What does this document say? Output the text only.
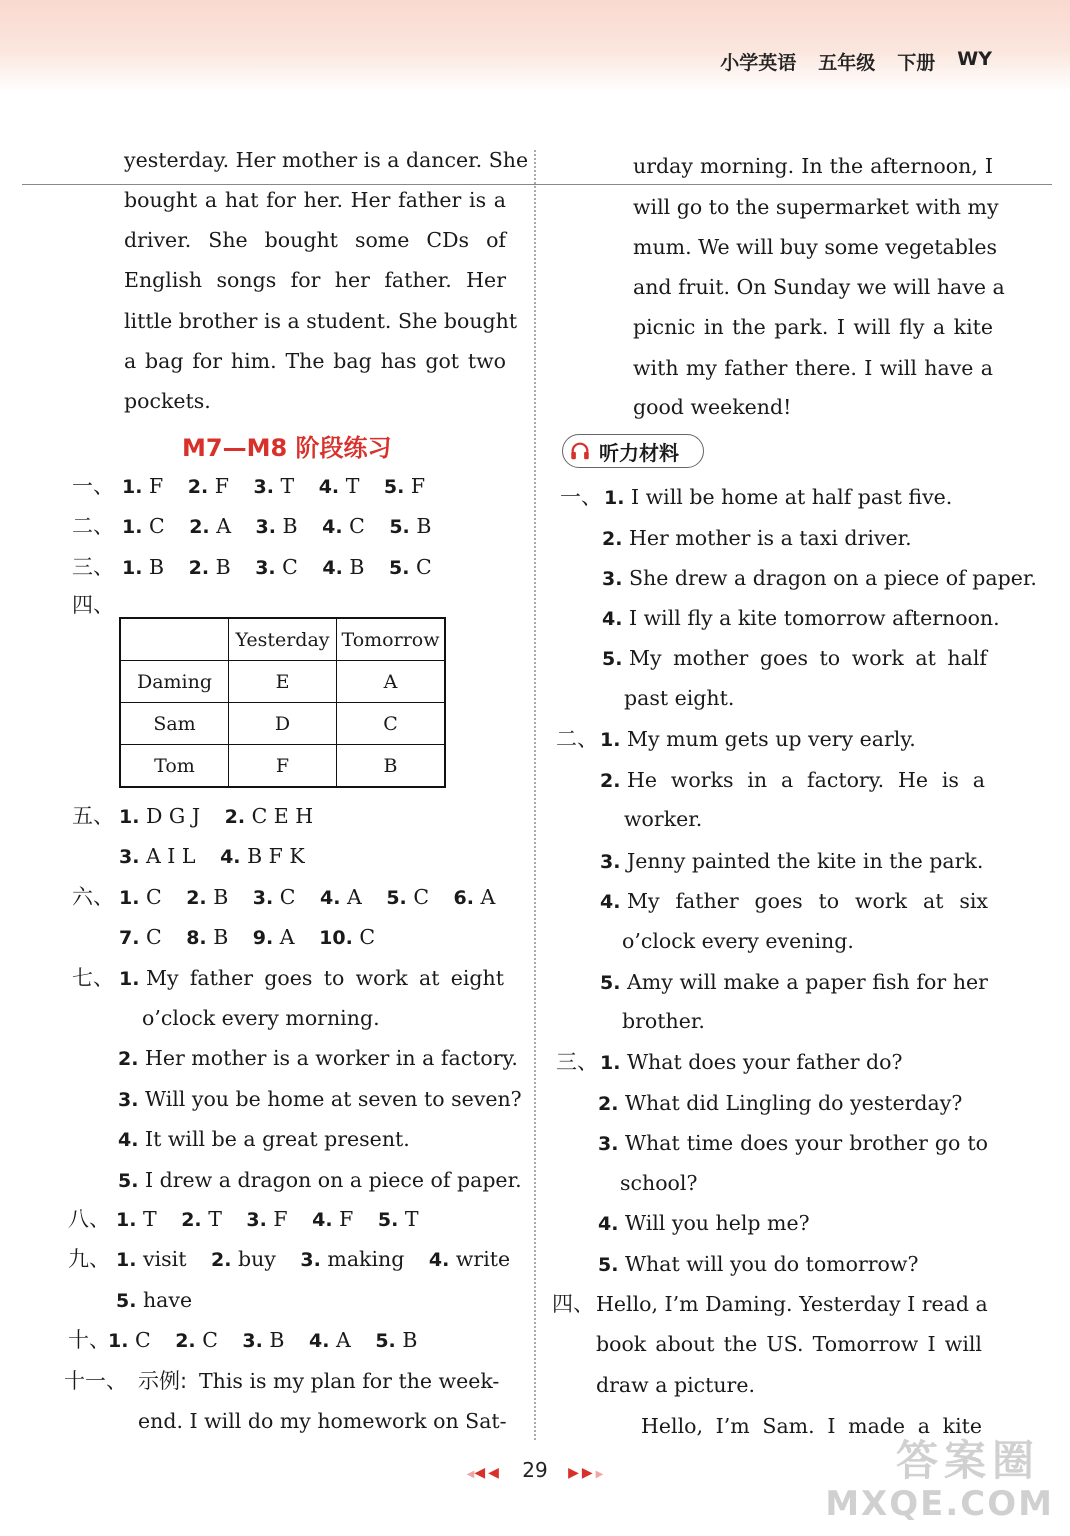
小学英语 五年级 下册 WY
yesterday. Her mother is a dancer. She
bought a hat for her. Her father is a
driver. She bought some CDs of
English songs for her father. Her
little brother is a student. She bought
a bag for him. The bag has got two
pockets.
M7—M8 阶段练习
一、 1. F 2. F 3. T 4. T 5. F
二、 1. C 2. A 3. B 4. C 5. B
三、 1. B 2. B 3. C 4. B 5. C
四、
	Yesterday	Tomorrow
Daming	E	A
Sam	D	C
Tom	F	B
五、 1. D G J 2. C E H
3. A I L 4. B F K
六、 1. C 2. B 3. C 4. A 5. C 6. A
7. C 8. B 9. A 10. C
七、 1. My father goes to work at eight
o’clock every morning.
2. Her mother is a worker in a factory.
3. Will you be home at seven to seven?
4. It will be a great present.
5. I drew a dragon on a piece of paper.
八、 1. T 2. T 3. F 4. F 5. T
九、 1. visit 2. buy 3. making 4. write
5. have
十、
1. C 2. C 3. B 4. A 5. B
十一、 示例: This is my plan for the week-
end. I will do my homework on Sat-
urday morning. In the afternoon, I
will go to the supermarket with my
mum. We will buy some vegetables
and fruit. On Sunday we will have a
picnic in the park. I will fly a kite
with my father there. I will have a
good weekend!
听力材料
一、 1. I will be home at half past five.
2. Her mother is a taxi driver.
3. She drew a dragon on a piece of paper.
4. I will fly a kite tomorrow afternoon.
5. My mother goes to work at half
past eight.
二、 1. My mum gets up very early.
2. He works in a factory. He is a
worker.
3. Jenny painted the kite in the park.
4. My father goes to work at six
o’clock every evening.
5. Amy will make a paper fish for her
brother.
三、 1. What does your father do?
2. What did Lingling do yesterday?
3. What time does your brother go to
school?
4. Will you help me?
5. What will you do tomorrow?
四、 Hello, I’m Daming. Yesterday I read a
book about the US. Tomorrow I will
draw a picture.
Hello, I’m Sam. I made a kite
◀◀◀ 29 ▶▶▶	答案圈
MXQE.COM
